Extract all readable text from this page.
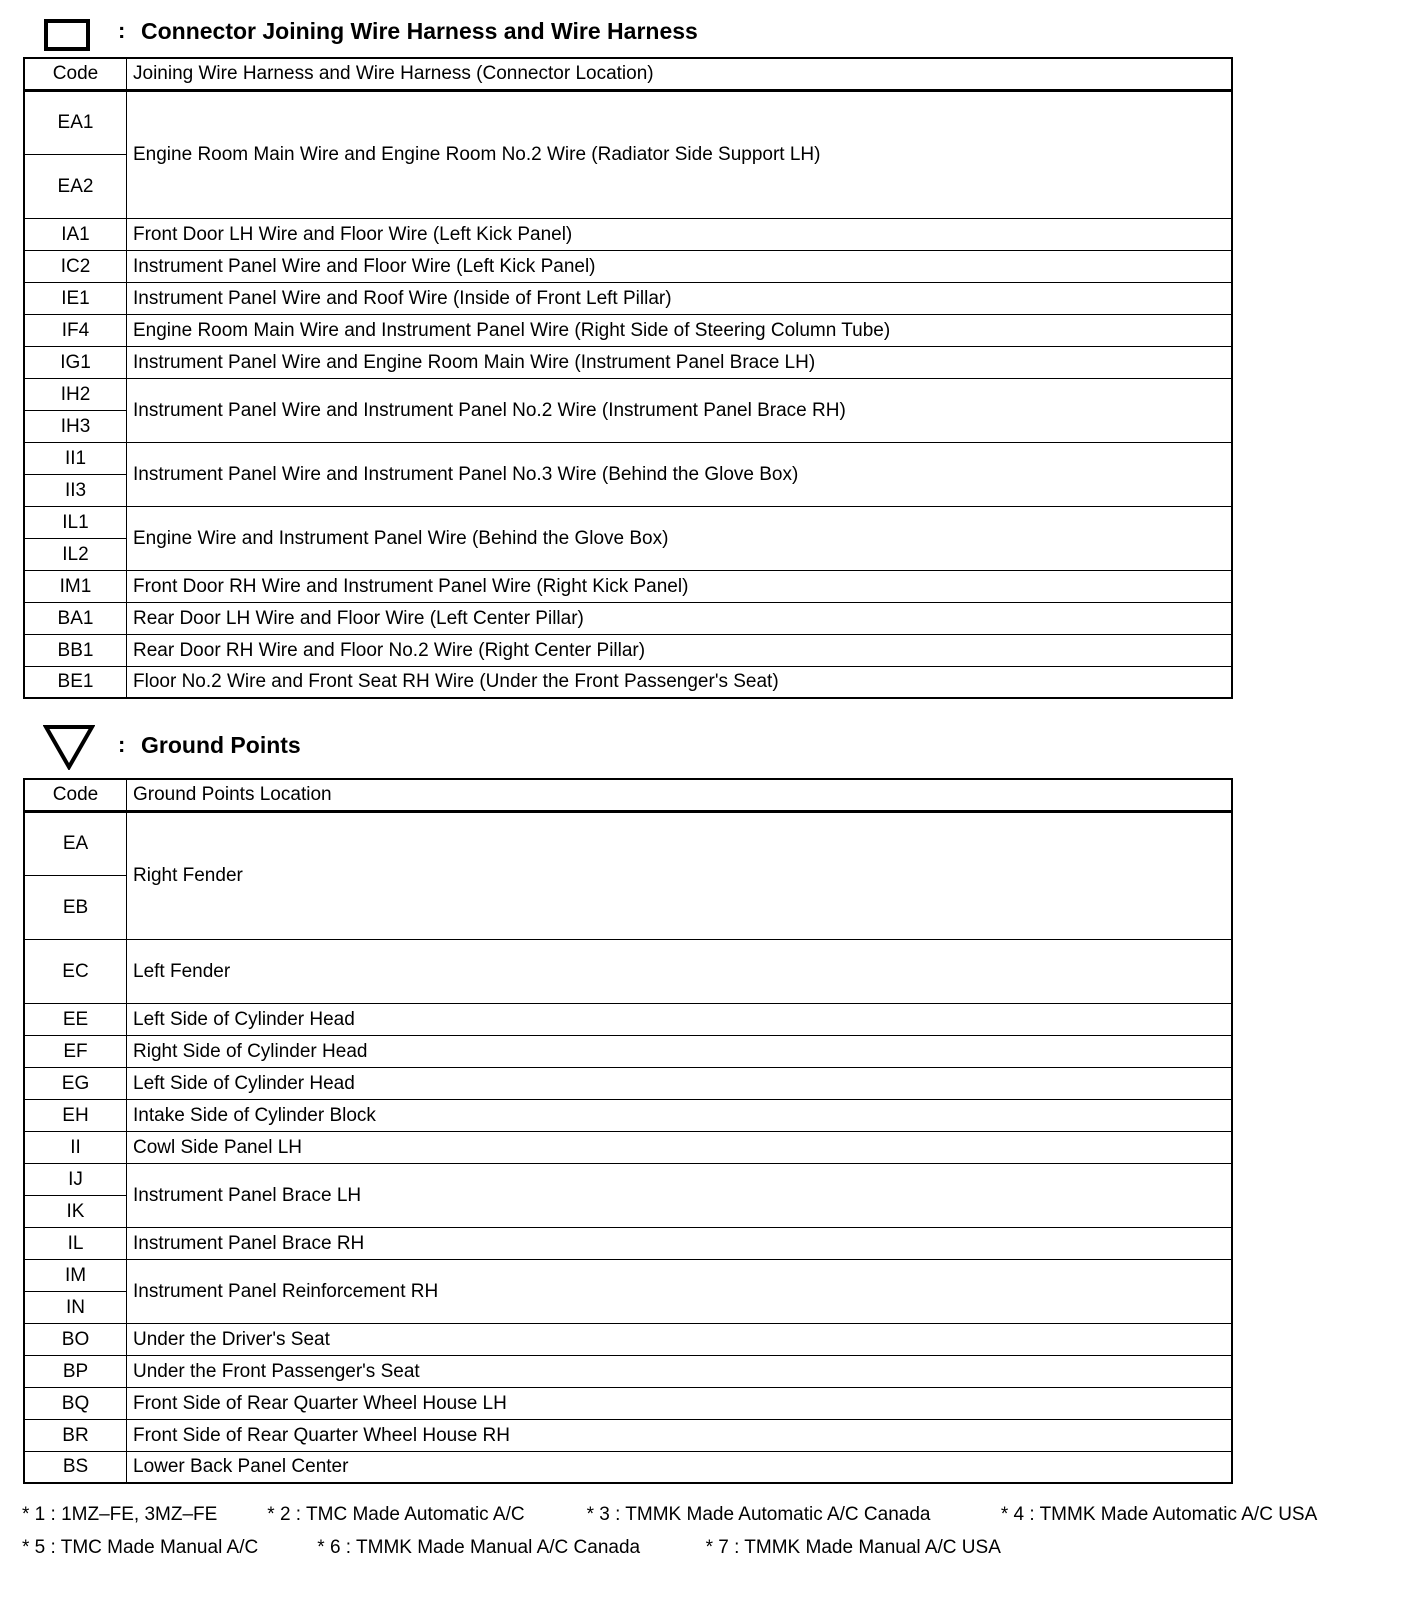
: Connector Joining Wire Harness and Wire Harness
Code	Joining Wire Harness and Wire Harness (Connector Location)
EA1	Engine Room Main Wire and Engine Room No.2 Wire (Radiator Side Support LH)
EA2	
IA1	Front Door LH Wire and Floor Wire (Left Kick Panel)
IC2	Instrument Panel Wire and Floor Wire (Left Kick Panel)
IE1	Instrument Panel Wire and Roof Wire (Inside of Front Left Pillar)
IF4	Engine Room Main Wire and Instrument Panel Wire (Right Side of Steering Column Tube)
IG1	Instrument Panel Wire and Engine Room Main Wire (Instrument Panel Brace LH)
IH2	Instrument Panel Wire and Instrument Panel No.2 Wire (Instrument Panel Brace RH)
IH3	
II1	Instrument Panel Wire and Instrument Panel No.3 Wire (Behind the Glove Box)
II3	
IL1	Engine Wire and Instrument Panel Wire (Behind the Glove Box)
IL2	
IM1	Front Door RH Wire and Instrument Panel Wire (Right Kick Panel)
BA1	Rear Door LH Wire and Floor Wire (Left Center Pillar)
BB1	Rear Door RH Wire and Floor No.2 Wire (Right Center Pillar)
BE1	Floor No.2 Wire and Front Seat RH Wire (Under the Front Passenger's Seat)
: Ground Points
Code	Ground Points Location
EA	Right Fender
EB	
EC	Left Fender
EE	Left Side of Cylinder Head
EF	Right Side of Cylinder Head
EG	Left Side of Cylinder Head
EH	Intake Side of Cylinder Block
II	Cowl Side Panel LH
IJ	Instrument Panel Brace LH
IK	
IL	Instrument Panel Brace RH
IM	Instrument Panel Reinforcement RH
IN	
BO	Under the Driver's Seat
BP	Under the Front Passenger's Seat
BQ	Front Side of Rear Quarter Wheel House LH
BR	Front Side of Rear Quarter Wheel House RH
BS	Lower Back Panel Center
* 1 : 1MZ–FE, 3MZ–FE	* 2 : TMC Made Automatic A/C	* 3 : TMMK Made Automatic A/C Canada	* 4 : TMMK Made Automatic A/C USA
* 5 : TMC Made Manual A/C	* 6 : TMMK Made Manual A/C Canada	* 7 : TMMK Made Manual A/C USA
